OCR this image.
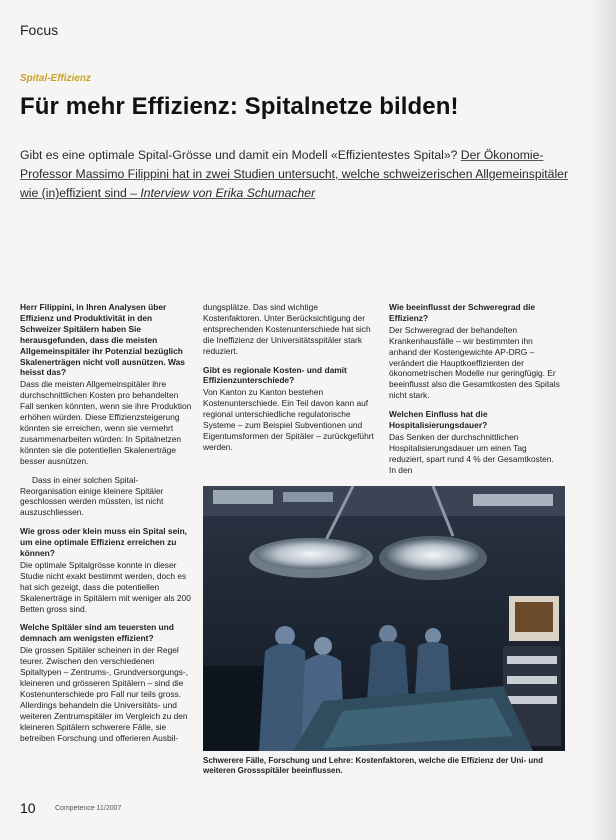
Focus
Spital-Effizienz
Für mehr Effizienz: Spitalnetze bilden!
Gibt es eine optimale Spital-Grösse und damit ein Modell «Effizientestes Spital»? Der Ökonomie-Professor Massimo Filippini hat in zwei Studien untersucht, welche schweizerischen Allgemeinspitäler wie (in)effizient sind – Interview von Erika Schumacher

Herr Filippini, in Ihren Analysen über Effizienz und Produktivität in den Schweizer Spitälern haben Sie herausgefunden, dass die meisten Allgemeinspitäler ihr Potenzial bezüglich Skalenerträgen nicht voll ausnützen. Was heisst das?

Dass die meisten Allgemeinspitäler ihre durchschnittlichen Kosten pro behandelten Fall senken könnten, wenn sie ihre Produktion erhöhen würden. Diese Effizienzsteigerung könnten sie erreichen, wenn sie vermehrt zusammenarbeiten würden: In Spitalnetzen könnten sie die potentiellen Skalenerträge besser ausnützen.

Dass in einer solchen Spital-Reorganisation einige kleinere Spitäler geschlossen werden müssten, ist nicht auszuschliessen.

Wie gross oder klein muss ein Spital sein, um eine optimale Effizienz erreichen zu können?

Die optimale Spitalgrösse konnte in dieser Studie nicht exakt bestimmt werden, doch es hat sich gezeigt, dass die potentiellen Skalenerträge in Spitälern mit weniger als 200 Betten gross sind.

Welche Spitäler sind am teuersten und demnach am wenigsten effizient?

Die grossen Spitäler scheinen in der Regel teurer. Zwischen den verschiedenen Spitaltypen – Zentrums-, Grundversorgungs-, kleineren und grösseren Spitälern – sind die Kostenunterschiede pro Fall nur teils gross. Allerdings behandeln die Universitäts- und weiteren Zentrumspitäler im Vergleich zu den kleineren Spitälern schwerere Fälle, sie betreiben Forschung und offerieren Ausbil-

dungsplätze. Das sind wichtige Kostenfaktoren. Unter Berücksichtigung der entsprechenden Kostenunterschiede hat sich die Ineffizienz der Universitätsspitäler stark reduziert.

Gibt es regionale Kosten- und damit Effizienzunterschiede?

Von Kanton zu Kanton bestehen Kostenunterschiede. Ein Teil davon kann auf regional unterschiedliche regulatorische Systeme – zum Beispiel Subventionen und Eigentumsformen der Spitäler – zurückgeführt werden.

Wie beeinflusst der Schweregrad die Effizienz?

Der Schweregrad der behandelten Krankenhausfälle – wir bestimmten ihn anhand der Kostengewichte AP-DRG – verändert die Hauptkoeffizienten der ökonometrischen Modelle nur geringfügig. Er beeinflusst also die Gesamtkosten des Spitals nicht stark.

Welchen Einfluss hat die Hospitalisierungsdauer?

Das Senken der durchschnittlichen Hospitalisierungsdauer um einen Tag reduziert, spart rund 4 % der Gesamtkosten. In den

Schwerere Fälle, Forschung und Lehre: Kostenfaktoren, welche die Effizienz der Uni- und weiteren Grossspitäler beeinflussen.
10	Competence 11/2007
